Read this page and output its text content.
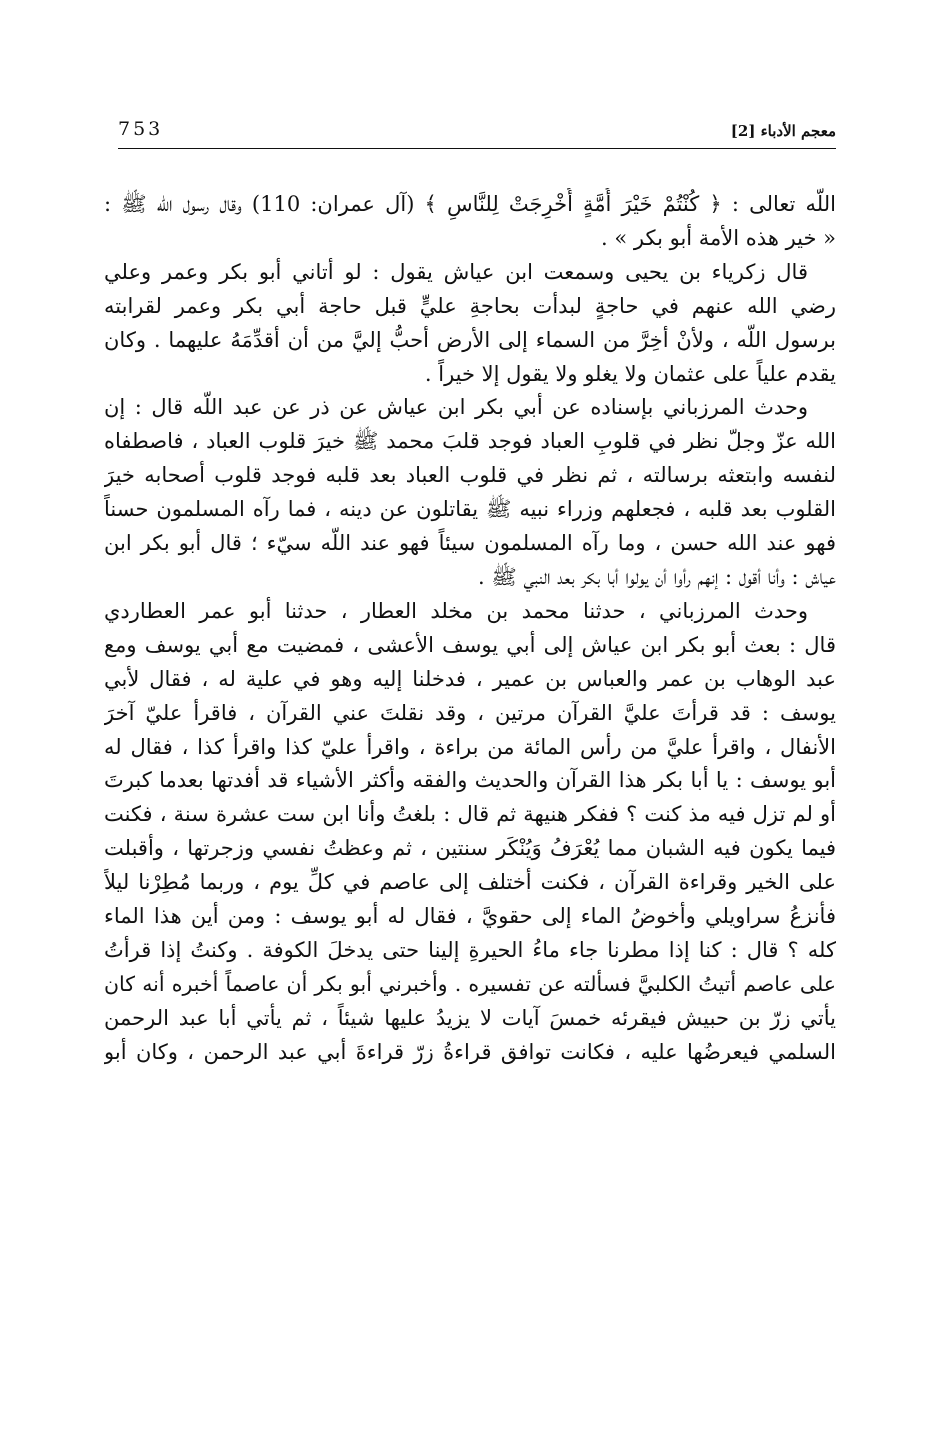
753	معجم الأدباء [2]
اللّه تعالى : ﴿ كُنْتُمْ خَيْرَ أُمَّةٍ أُخْرِجَتْ لِلنَّاسِ ﴾ (آل عمران: 110) وقال رسول اللّه ﷺ :
« خير هذه الأمة أبو بكر » .
قال زكرياء بن يحيى وسمعت ابن عياش يقول : لو أتاني أبو بكر وعمر وعلي
رضي الله عنهم في حاجةٍ لبدأت بحاجةِ عليٍّ قبل حاجة أبي بكر وعمر لقرابته
برسول اللّه ، ولأنْ أخِرَّ من السماء إلى الأرض أحبُّ إليَّ من أن أقدِّمَهُ عليهما . وكان
يقدم علياً على عثمان ولا يغلو ولا يقول إلا خيراً .
وحدث المرزباني بإسناده عن أبي بكر ابن عياش عن ذر عن عبد اللّه قال : إن
الله عزّ وجلّ نظر في قلوبِ العباد فوجد قلبَ محمد ﷺ خيرَ قلوب العباد ، فاصطفاه
لنفسه وابتعثه برسالته ، ثم نظر في قلوب العباد بعد قلبه فوجد قلوب أصحابه خيرَ
القلوب بعد قلبه ، فجعلهم وزراء نبيه ﷺ يقاتلون عن دينه ، فما رآه المسلمون حسناً
فهو عند الله حسن ، وما رآه المسلمون سيئاً فهو عند اللّه سيّء ؛ قال أبو بكر ابن
عياش : وأنا أقول : إنهم رأوا أن يولوا أبا بكر بعد النبي ﷺ .
وحدث المرزباني ، حدثنا محمد بن مخلد العطار ، حدثنا أبو عمر العطاردي
قال : بعث أبو بكر ابن عياش إلى أبي يوسف الأعشى ، فمضيت مع أبي يوسف ومع
عبد الوهاب بن عمر والعباس بن عمير ، فدخلنا إليه وهو في علية له ، فقال لأبي
يوسف : قد قرأتَ عليَّ القرآن مرتين ، وقد نقلتَ عني القرآن ، فاقرأ عليّ آخرَ
الأنفال ، واقرأ عليَّ من رأس المائة من براءة ، واقرأ عليّ كذا واقرأ كذا ، فقال له
أبو يوسف : يا أبا بكر هذا القرآن والحديث والفقه وأكثر الأشياء قد أفدتها بعدما كبرتَ
أو لم تزل فيه مذ كنت ؟ ففكر هنيهة ثم قال : بلغتُ وأنا ابن ست عشرة سنة ، فكنت
فيما يكون فيه الشبان مما يُعْرَفُ وَيُنْكَر سنتين ، ثم وعظتُ نفسي وزجرتها ، وأقبلت
على الخير وقراءة القرآن ، فكنت أختلف إلى عاصم في كلِّ يوم ، وربما مُطِرْنا ليلاً
فأنزعُ سراويلي وأخوضُ الماء إلى حقويَّ ، فقال له أبو يوسف : ومن أين هذا الماء
كله ؟ قال : كنا إذا مطرنا جاء ماءُ الحيرةِ إلينا حتى يدخلَ الكوفة . وكنتُ إذا قرأتُ
على عاصم أتيتُ الكلبيَّ فسألته عن تفسيره . وأخبرني أبو بكر أن عاصماً أخبره أنه كان
يأتي زرّ بن حبيش فيقرئه خمسَ آيات لا يزيدُ عليها شيئاً ، ثم يأتي أبا عبد الرحمن
السلمي فيعرضُها عليه ، فكانت توافق قراءةُ زرّ قراءةَ أبي عبد الرحمن ، وكان أبو
